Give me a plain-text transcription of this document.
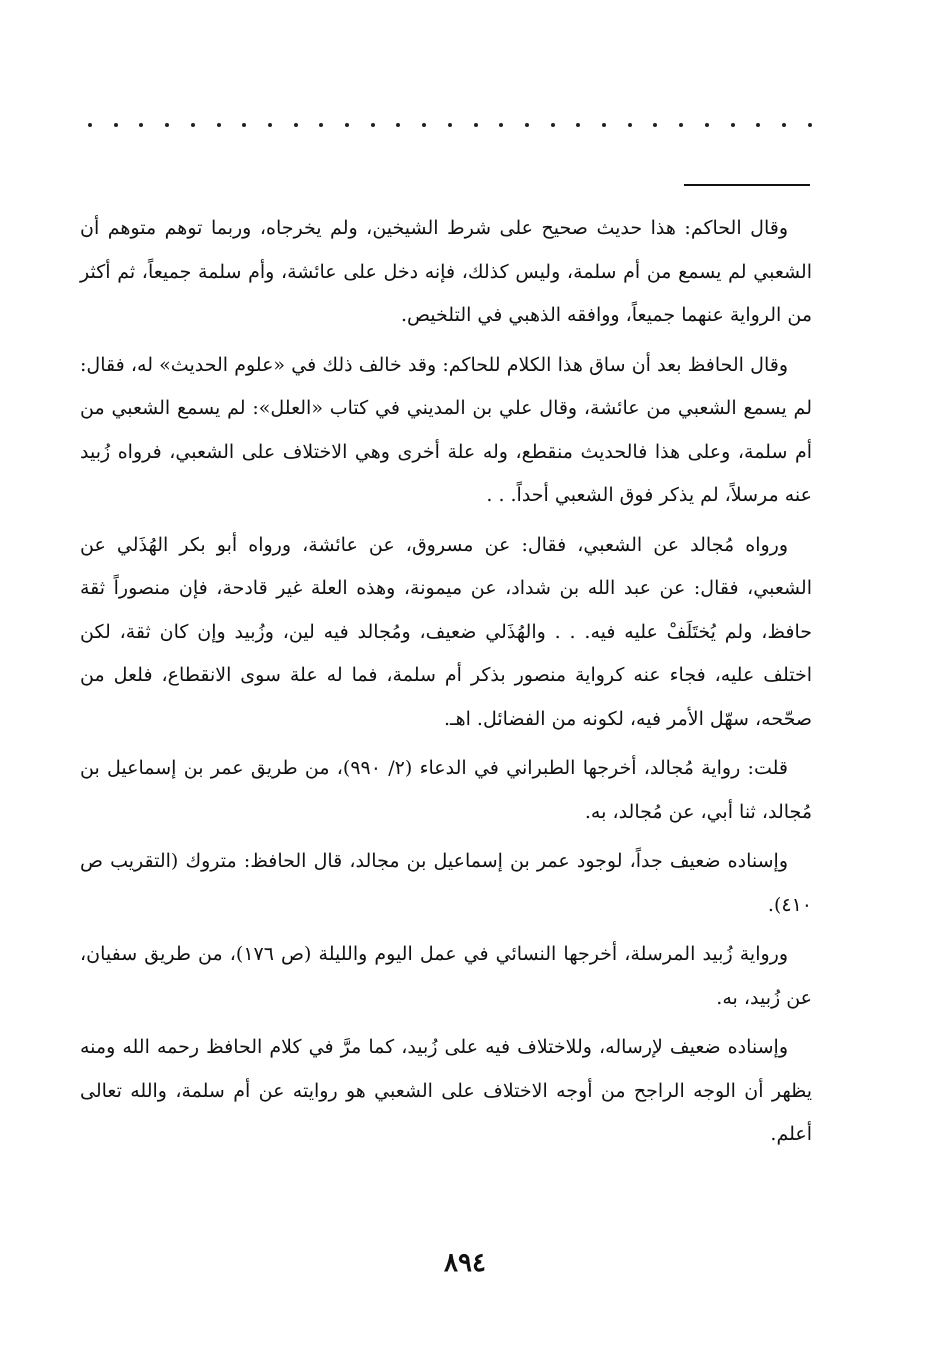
وقال الحاكم: هذا حديث صحيح على شرط الشيخين، ولم يخرجاه، وربما توهم متوهم أن الشعبي لم يسمع من أم سلمة، وليس كذلك، فإنه دخل على عائشة، وأم سلمة جميعاً، ثم أكثر من الرواية عنهما جميعاً، ووافقه الذهبي في التلخيص.

وقال الحافظ بعد أن ساق هذا الكلام للحاكم: وقد خالف ذلك في «علوم الحديث» له، فقال: لم يسمع الشعبي من عائشة، وقال علي بن المديني في كتاب «العلل»: لم يسمع الشعبي من أم سلمة، وعلى هذا فالحديث منقطع، وله علة أخرى وهي الاختلاف على الشعبي، فرواه زُبيد عنه مرسلاً، لم يذكر فوق الشعبي أحداً. . .

ورواه مُجالد عن الشعبي، فقال: عن مسروق، عن عائشة، ورواه أبو بكر الهُذَلي عن الشعبي، فقال: عن عبد الله بن شداد، عن ميمونة، وهذه العلة غير قادحة، فإن منصوراً ثقة حافظ، ولم يُختَلَفْ عليه فيه. . . والهُذَلي ضعيف، ومُجالد فيه لين، وزُبيد وإن كان ثقة، لكن اختلف عليه، فجاء عنه كرواية منصور بذكر أم سلمة، فما له علة سوى الانقطاع، فلعل من صحّحه، سهّل الأمر فيه، لكونه من الفضائل. اهـ.

قلت: رواية مُجالد، أخرجها الطبراني في الدعاء (٢/ ٩٩٠)، من طريق عمر بن إسماعيل بن مُجالد، ثنا أبي، عن مُجالد، به.

وإسناده ضعيف جداً، لوجود عمر بن إسماعيل بن مجالد، قال الحافظ: متروك (التقريب ص ٤١٠).

ورواية زُبيد المرسلة، أخرجها النسائي في عمل اليوم والليلة (ص ١٧٦)، من طريق سفيان، عن زُبيد، به.

وإسناده ضعيف لإرساله، وللاختلاف فيه على زُبيد، كما مرَّ في كلام الحافظ رحمه الله ومنه يظهر أن الوجه الراجح من أوجه الاختلاف على الشعبي هو روايته عن أم سلمة، والله تعالى أعلم.

٨٩٤
